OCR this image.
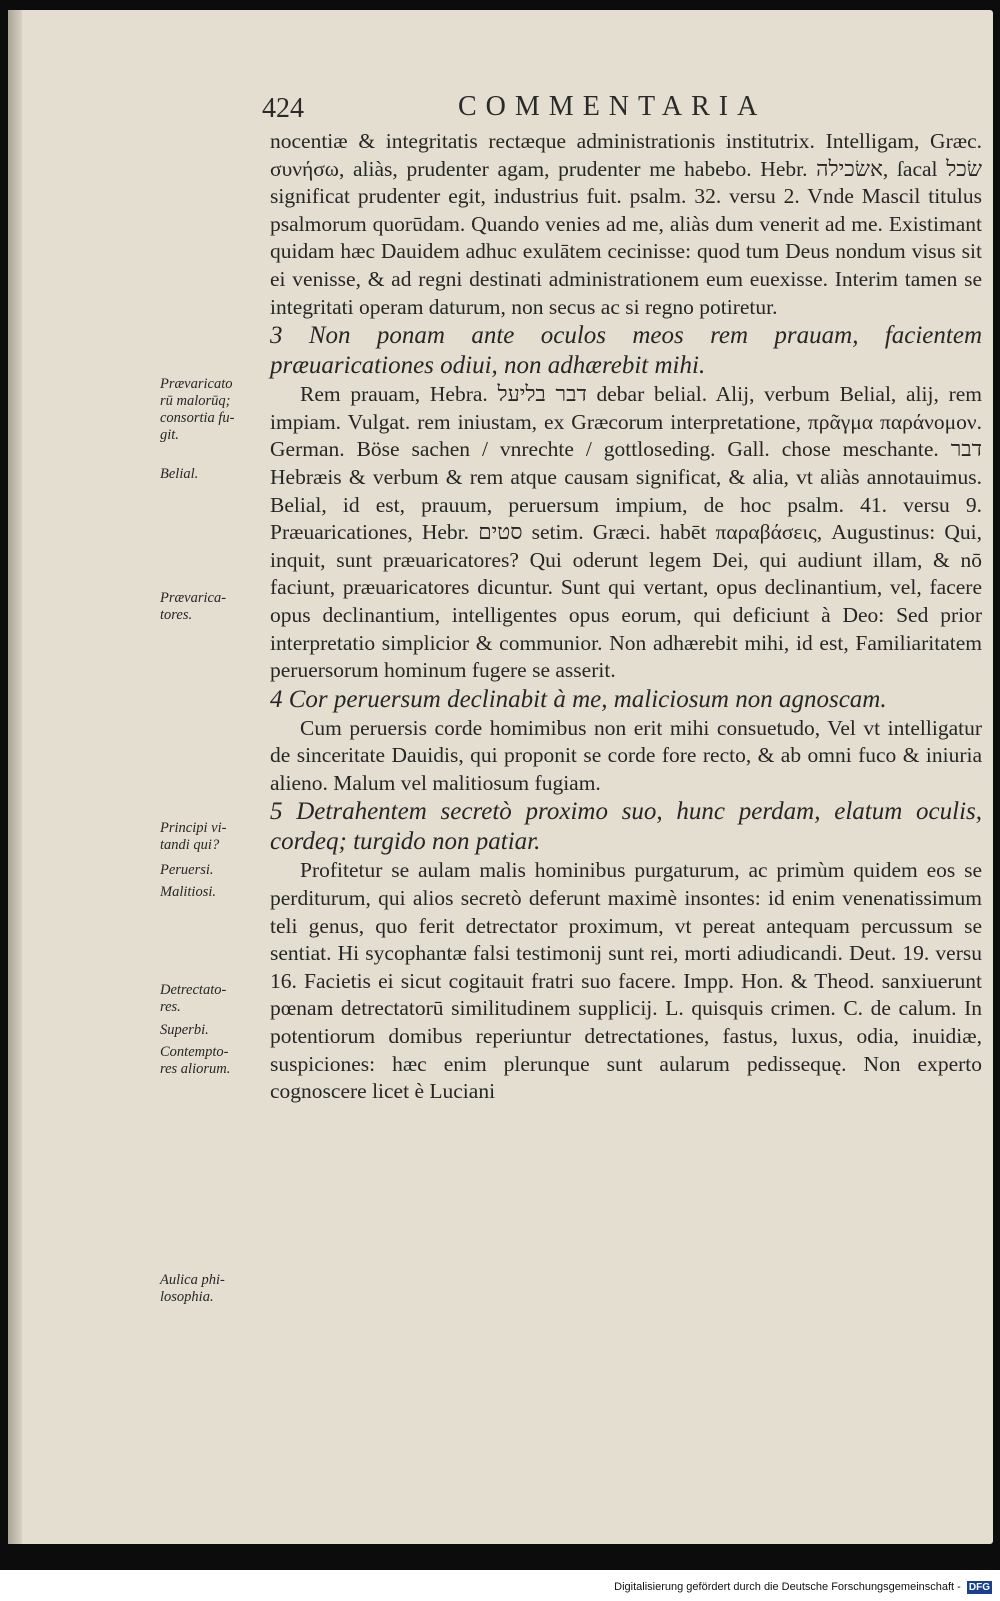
424	COMMENTARIA

nocentiæ & integritatis rectæque administrationis institutrix. Intelligam, Græc. συνήσω, aliàs, prudenter agam, prudenter me habebo. Hebr. אשׂכילה, ſacal שׂכל significat prudenter egit, industrius fuit. psalm. 32. versu 2. Vnde Mascil titulus psalmorum quorūdam. Quando venies ad me, aliàs dum venerit ad me. Existimant quidam hæc Dauidem adhuc exulātem cecinisse: quod tum Deus nondum visus sit ei venisse, & ad regni destinati administrationem eum euexisse. Interim tamen se integritati operam daturum, non secus ac si regno potiretur.

3 Non ponam ante oculos meos rem prauam, facientem præuaricationes odiui, non adhærebit mihi.

Rem prauam, Hebra. דבר בליעל debar belial. Alij, verbum Belial, alij, rem impiam. Vulgat. rem iniustam, ex Græcorum interpretatione, πρᾶγμα παράνομον. German. Böse sachen / vnrechte / gottloseding. Gall. chose meschante. דבר Hebræis & verbum & rem atque causam significat, & alia, vt aliàs annotauimus. Belial, id est, prauum, peruersum impium, de hoc psalm. 41. versu 9. Præuaricationes, Hebr. סטים setim. Græci. habēt παραβάσεις, Augustinus: Qui, inquit, sunt præuaricatores? Qui oderunt legem Dei, qui audiunt illam, & nō faciunt, præuaricatores dicuntur. Sunt qui vertant, opus declinantium, vel, facere opus declinantium, intelligentes opus eorum, qui deficiunt à Deo: Sed prior interpretatio simplicior & communior. Non adhærebit mihi, id est, Familiaritatem peruersorum hominum fugere se asserit.

4 Cor peruersum declinabit à me, maliciosum non agnoscam.

Cum peruersis corde homimibus non erit mihi consuetudo, Vel vt intelligatur de sinceritate Dauidis, qui proponit se corde fore recto, & ab omni fuco & iniuria alieno. Malum vel malitiosum fugiam.

5 Detrahentem secretò proximo suo, hunc perdam, elatum oculis, cordeq; turgido non patiar.

Profitetur se aulam malis hominibus purgaturum, ac primùm quidem eos se perditurum, qui alios secretò deferunt maximè insontes: id enim venenatissimum teli genus, quo ferit detrectator proximum, vt pereat antequam percussum se sentiat. Hi sycophantæ falsi testimonij sunt rei, morti adiudicandi. Deut. 19. versu 16. Facietis ei sicut cogitauit fratri suo facere. Impp. Hon. & Theod. sanxiuerunt pœnam detrectatorū similitudinem supplicij. L. quisquis crimen. C. de calum. In potentiorum domibus reperiuntur detrectationes, fastus, luxus, odia, inuidiæ, suspiciones: hæc enim plerunque sunt aularum pedissequę. Non experto cognoscere licet è Luciani

Prævaricato
rū malorūq;
consortia fu-
git.
Belial.
Prævarica-
tores.
Principi vi-
tandi qui?
Peruersi.
Malitiosi.
Detrectato-
res.
Superbi.
Contempto-
res aliorum.
Aulica phi-
losophia.
Digitalisierung gefördert durch die Deutsche Forschungsgemeinschaft - DFG
